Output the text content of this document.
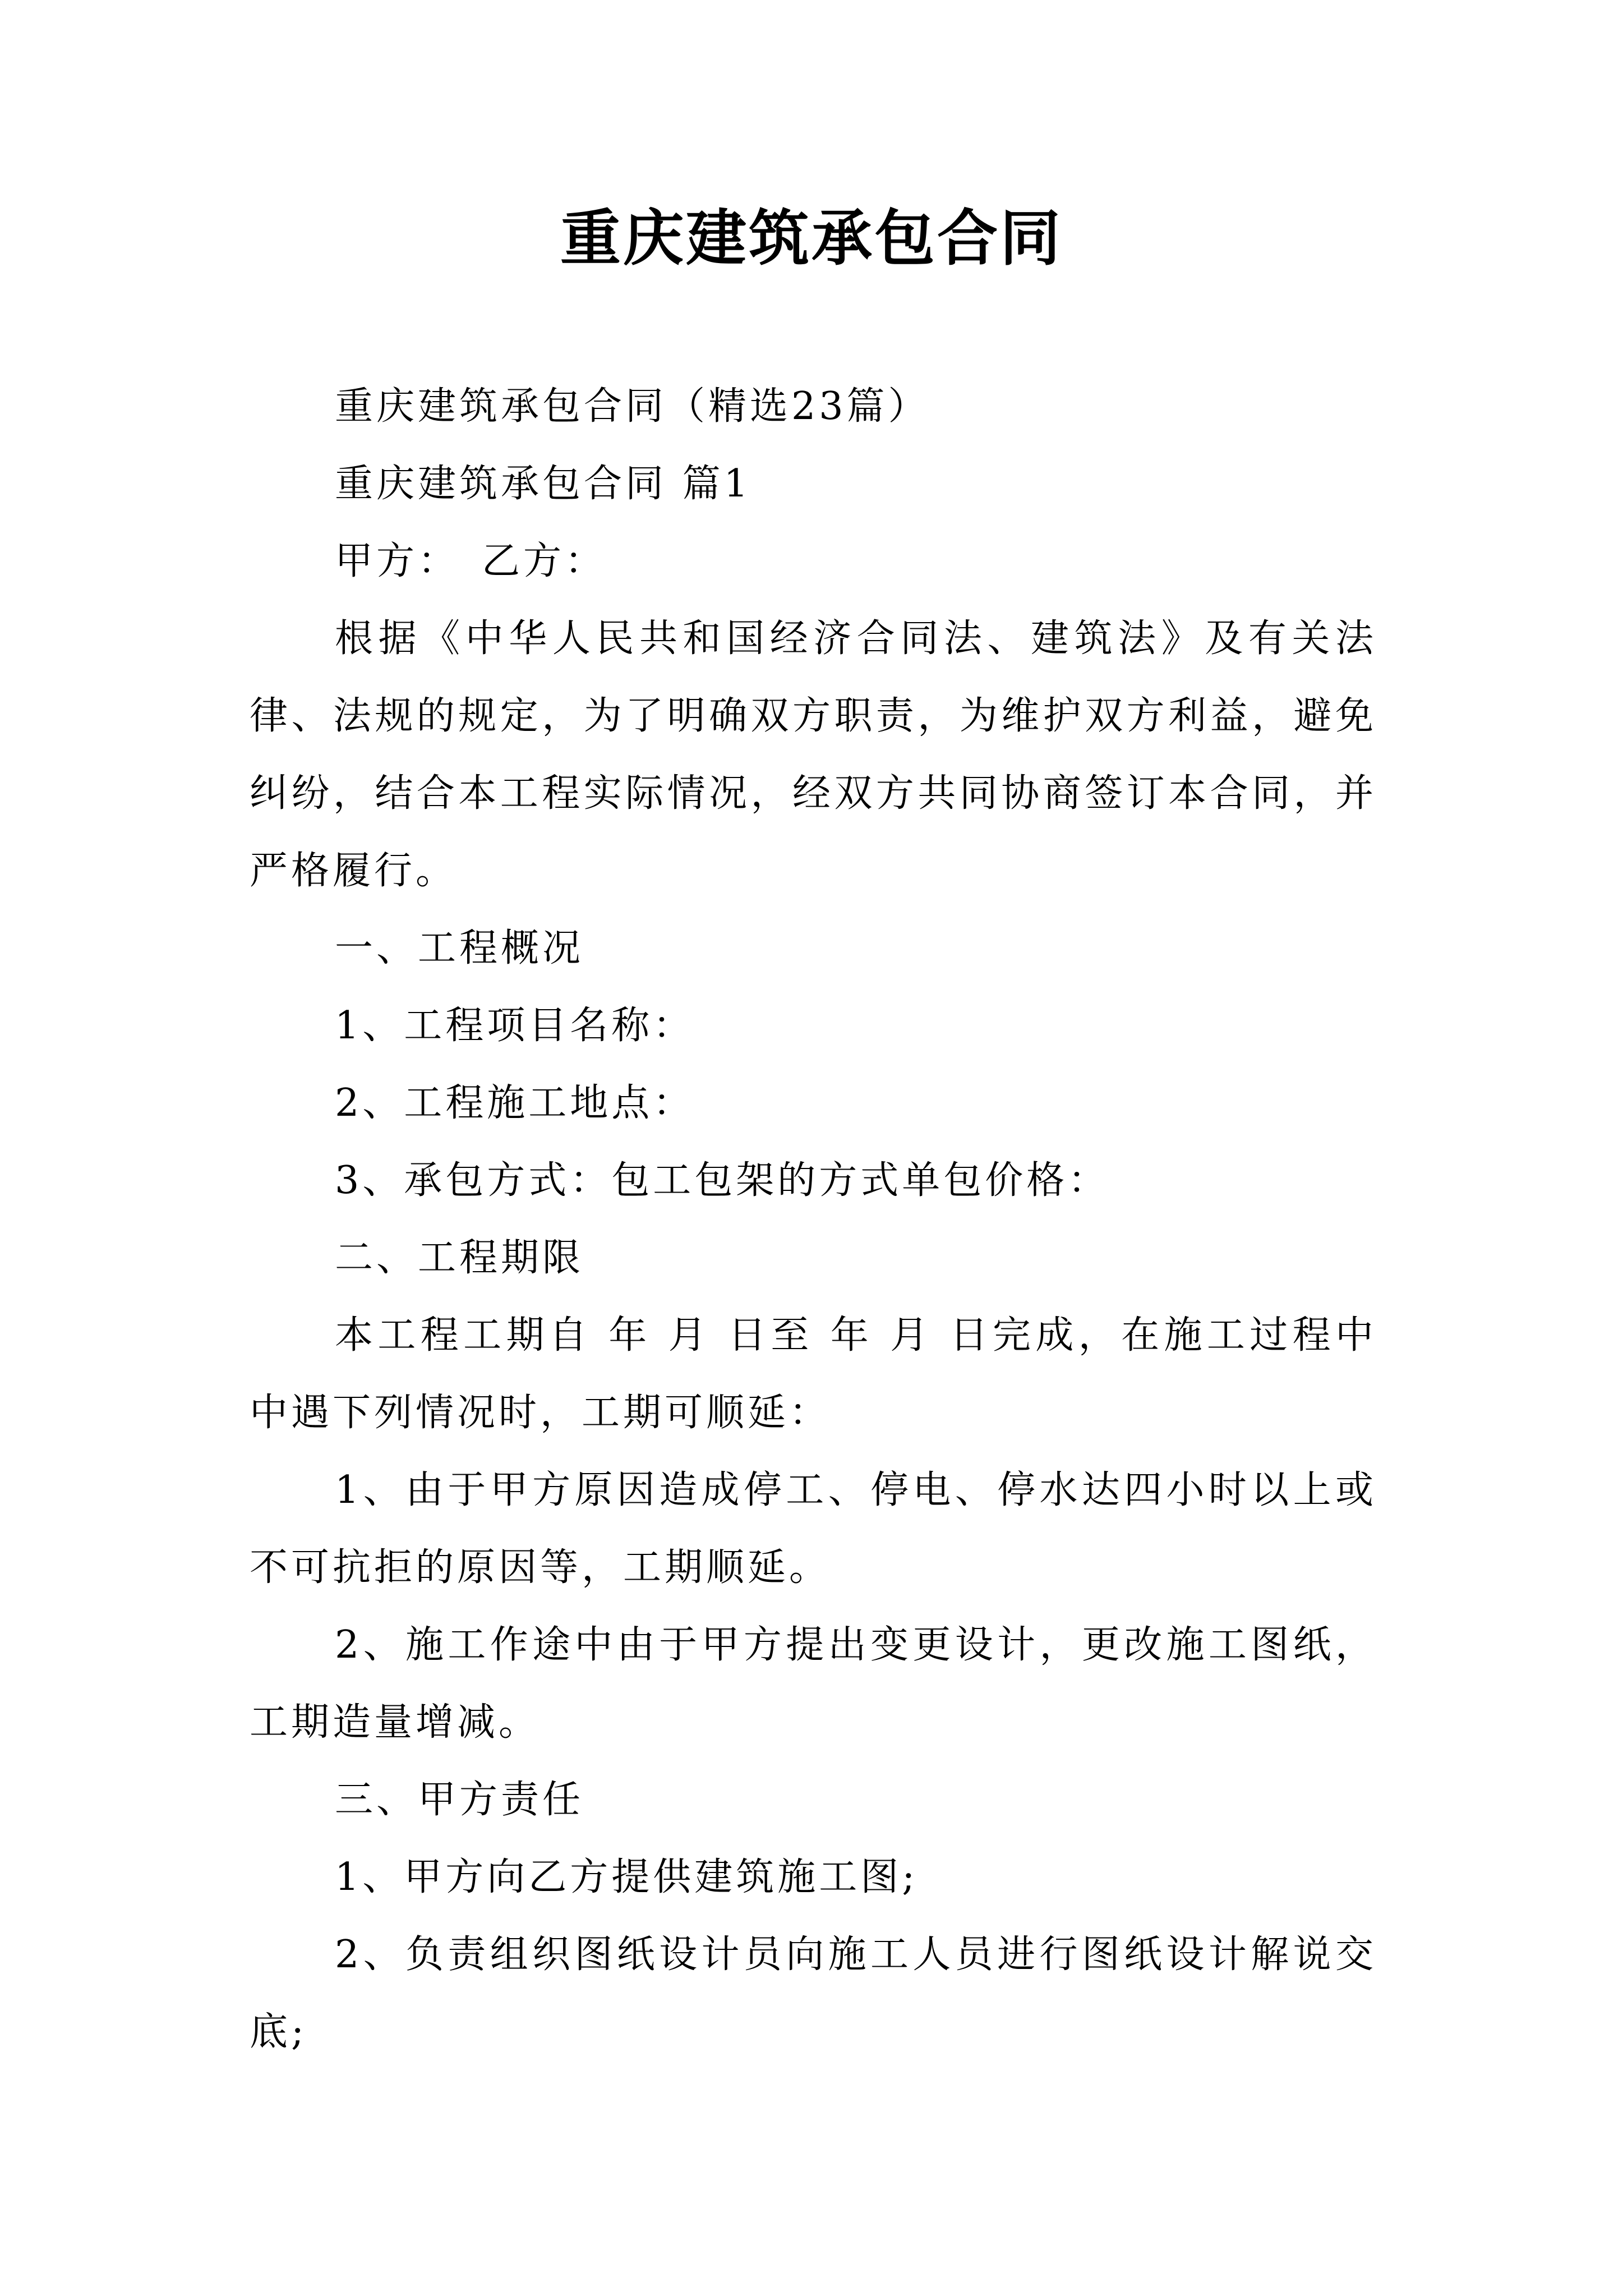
重庆建筑承包合同

重庆建筑承包合同（精选23篇）

重庆建筑承包合同 篇1

甲方：　乙方：

根据《中华人民共和国经济合同法、建筑法》及有关法律、法规的规定，为了明确双方职责，为维护双方利益，避免纠纷，结合本工程实际情况，经双方共同协商签订本合同，并严格履行。

一、工程概况

1、工程项目名称：

2、工程施工地点：

3、承包方式：包工包架的方式单包价格：

二、工程期限

本工程工期自 年 月 日至 年 月 日完成，在施工过程中中遇下列情况时，工期可顺延：

1、由于甲方原因造成停工、停电、停水达四小时以上或不可抗拒的原因等，工期顺延。

2、施工作途中由于甲方提出变更设计，更改施工图纸，工期造量增减。

三、甲方责任

1、甲方向乙方提供建筑施工图;

2、负责组织图纸设计员向施工人员进行图纸设计解说交底;
